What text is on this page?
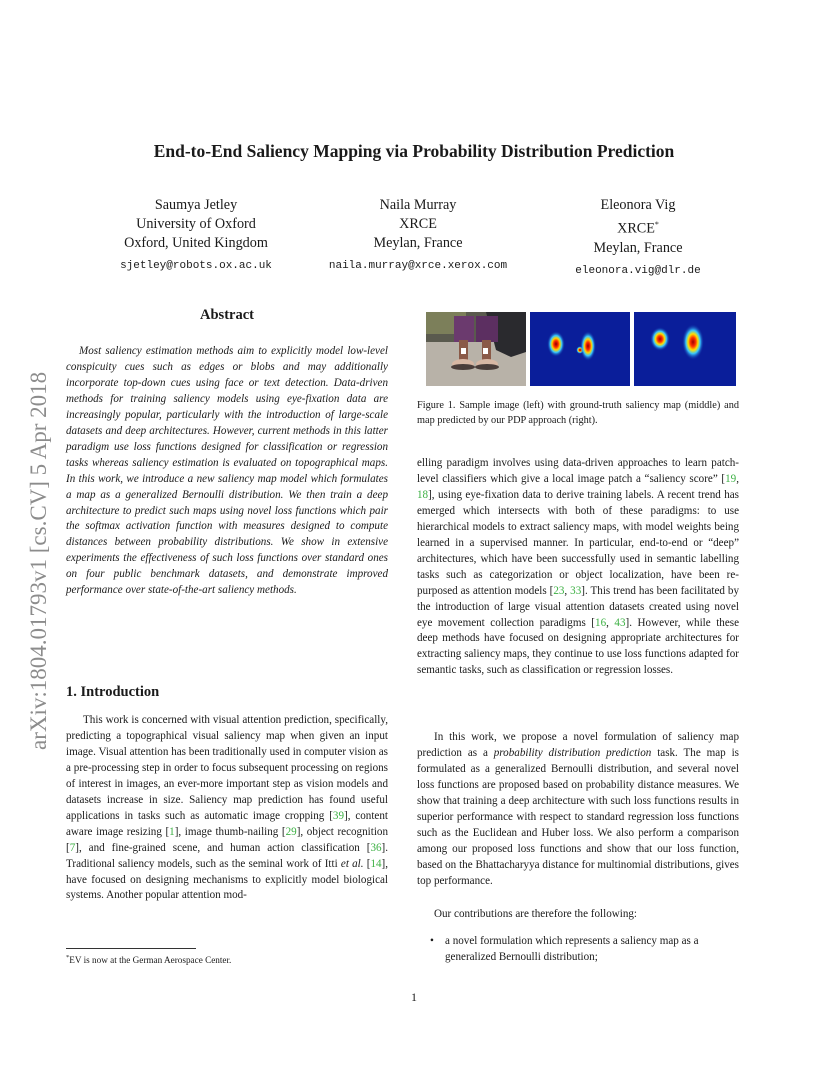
arXiv:1804.01793v1 [cs.CV] 5 Apr 2018
End-to-End Saliency Mapping via Probability Distribution Prediction
Saumya Jetley
University of Oxford
Oxford, United Kingdom
sjetley@robots.ox.ac.uk
Naila Murray
XRCE
Meylan, France
naila.murray@xrce.xerox.com
Eleonora Vig
XRCE*
Meylan, France
eleonora.vig@dlr.de
Abstract
Most saliency estimation methods aim to explicitly model low-level conspicuity cues such as edges or blobs and may additionally incorporate top-down cues using face or text detection. Data-driven methods for training saliency models using eye-fixation data are increasingly popular, particularly with the introduction of large-scale datasets and deep architectures. However, current methods in this latter paradigm use loss functions designed for classification or regression tasks whereas saliency estimation is evaluated on topographical maps. In this work, we introduce a new saliency map model which formulates a map as a generalized Bernoulli distribution. We then train a deep architecture to predict such maps using novel loss functions which pair the softmax activation function with measures designed to compute distances between probability distributions. We show in extensive experiments the effectiveness of such loss functions over standard ones on four public benchmark datasets, and demonstrate improved performance over state-of-the-art saliency methods.
1. Introduction
This work is concerned with visual attention prediction, specifically, predicting a topographical visual saliency map when given an input image. Visual attention has been traditionally used in computer vision as a pre-processing step in order to focus subsequent processing on regions of interest in images, an ever-more important step as vision models and datasets increase in size. Saliency map prediction has found useful applications in tasks such as automatic image cropping [39], content aware image resizing [1], image thumb-nailing [29], object recognition [7], and fine-grained scene, and human action classification [36]. Traditional saliency models, such as the seminal work of Itti et al. [14], have focused on designing mechanisms to explicitly model biological systems. Another popular attention mod-
*EV is now at the German Aerospace Center.
Figure 1. Sample image (left) with ground-truth saliency map (middle) and map predicted by our PDP approach (right).
elling paradigm involves using data-driven approaches to learn patch-level classifiers which give a local image patch a “saliency score” [19, 18], using eye-fixation data to derive training labels. A recent trend has emerged which intersects with both of these paradigms: to use hierarchical models to extract saliency maps, with model weights being learned in a supervised manner. In particular, end-to-end or “deep” architectures, which have been successfully used in semantic labelling tasks such as categorization or object localization, have been re-purposed as attention models [23, 33]. This trend has been facilitated by the introduction of large visual attention datasets created using novel eye movement collection paradigms [16, 43]. However, while these deep methods have focused on designing appropriate architectures for extracting saliency maps, they continue to use loss functions adapted for semantic tasks, such as classification or regression losses.
In this work, we propose a novel formulation of saliency map prediction as a probability distribution prediction task. The map is formulated as a generalized Bernoulli distribution, and several novel loss functions are proposed based on probability distance measures. We show that training a deep architecture with such loss functions results in superior performance with respect to standard regression loss functions such as the Euclidean and Huber loss. We also perform a comparison among our proposed loss functions and show that our loss function, based on the Bhattacharyya distance for multinomial distributions, gives top performance.
Our contributions are therefore the following:
• a novel formulation which represents a saliency map as a generalized Bernoulli distribution;
1
